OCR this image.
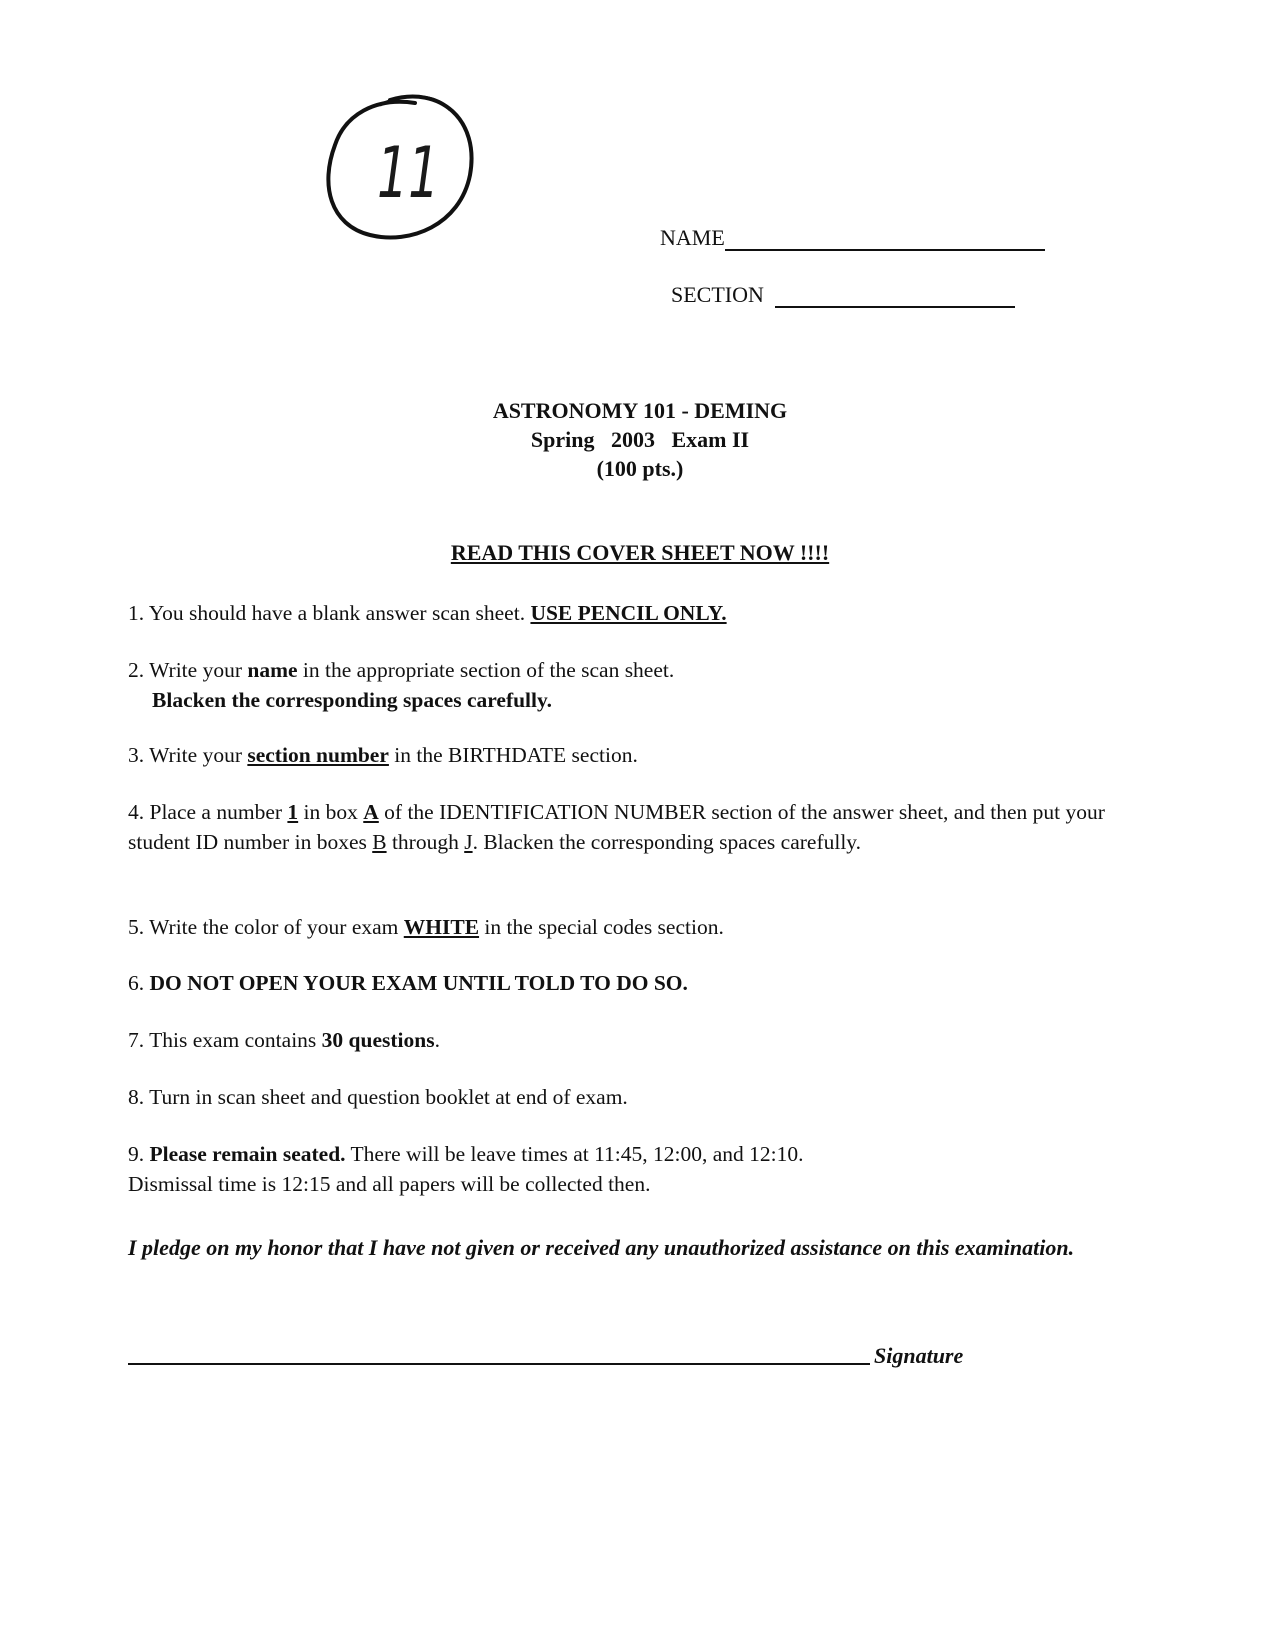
11
NAME
SECTION
ASTRONOMY 101 - DEMING
Spring   2003   Exam II
(100 pts.)
READ THIS COVER SHEET NOW !!!!
1. You should have a blank answer scan sheet. USE PENCIL ONLY.
2. Write your name in the appropriate section of the scan sheet.
Blacken the corresponding spaces carefully.
3. Write your section number in the BIRTHDATE section.
4. Place a number 1 in box A of the IDENTIFICATION NUMBER section of the answer sheet, and then put your student ID number in boxes B through J. Blacken the corresponding spaces carefully.
5. Write the color of your exam WHITE in the special codes section.
6. DO NOT OPEN YOUR EXAM UNTIL TOLD TO DO SO.
7. This exam contains 30 questions.
8. Turn in scan sheet and question booklet at end of exam.
9. Please remain seated. There will be leave times at 11:45, 12:00, and 12:10.
Dismissal time is 12:15 and all papers will be collected then.
I pledge on my honor that I have not given or received any unauthorized assistance on this examination.
Signature
